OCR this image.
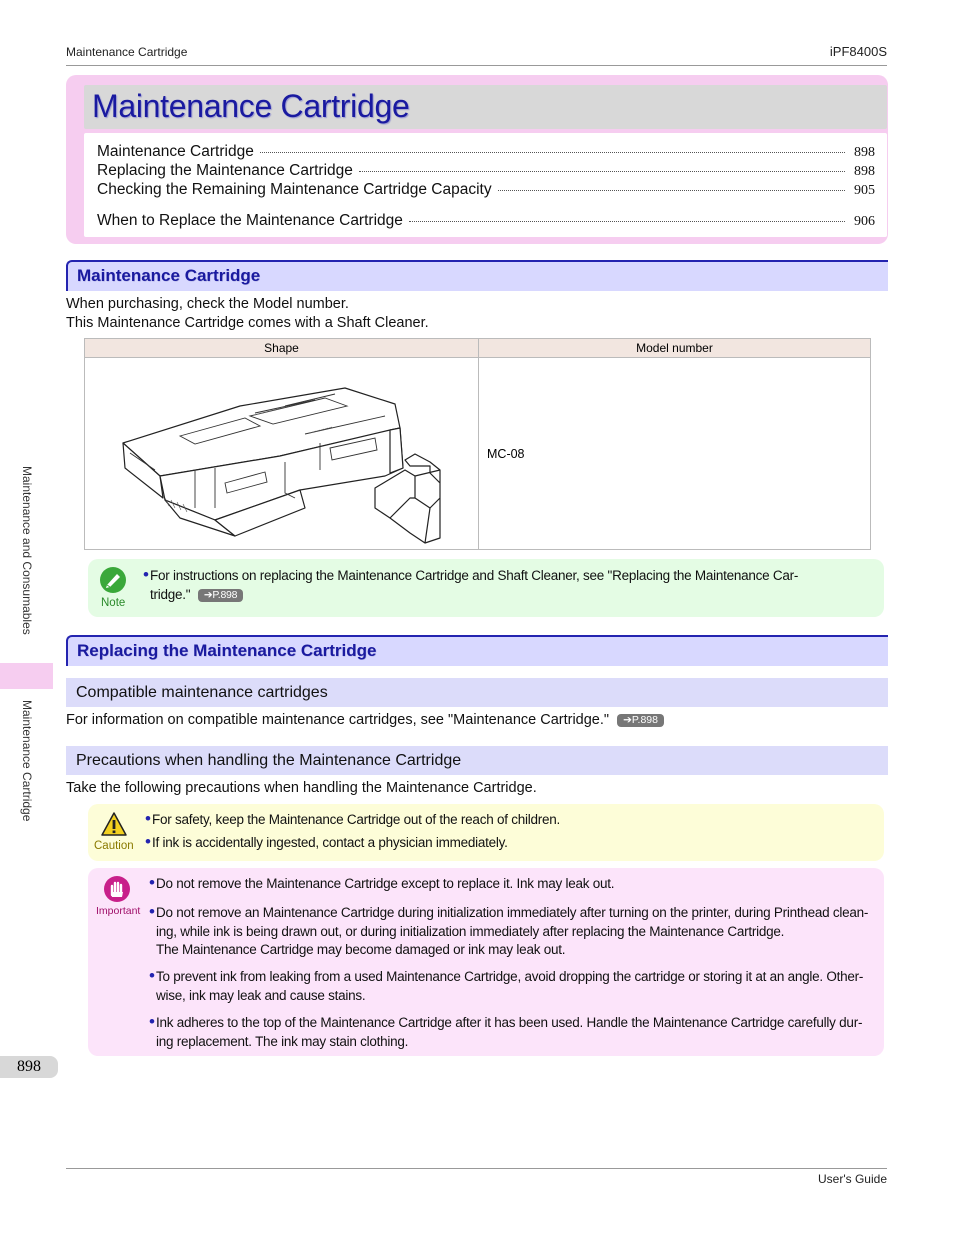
Maintenance Cartridge	iPF8400S
Maintenance Cartridge
Maintenance Cartridge	898
Replacing the Maintenance Cartridge	898
Checking the Remaining Maintenance Cartridge Capacity	905
When to Replace the Maintenance Cartridge	906
Maintenance Cartridge
When purchasing, check the Model number.
This Maintenance Cartridge comes with a Shaft Cleaner.
Shape	Model number
	MC-08
Note
• For instructions on replacing the Maintenance Cartridge and Shaft Cleaner, see "Replacing the Maintenance Car-
tridge." ➔P.898
Replacing the Maintenance Cartridge
Compatible maintenance cartridges
For information on compatible maintenance cartridges, see "Maintenance Cartridge." ➔P.898
Precautions when handling the Maintenance Cartridge
Take the following precautions when handling the Maintenance Cartridge.
Caution
• For safety, keep the Maintenance Cartridge out of the reach of children.
• If ink is accidentally ingested, contact a physician immediately.
Important
• Do not remove the Maintenance Cartridge except to replace it. Ink may leak out.
• Do not remove an Maintenance Cartridge during initialization immediately after turning on the printer, during Printhead clean-
ing, while ink is being drawn out, or during initialization immediately after replacing the Maintenance Cartridge.
The Maintenance Cartridge may become damaged or ink may leak out.
• To prevent ink from leaking from a used Maintenance Cartridge, avoid dropping the cartridge or storing it at an angle. Other-
wise, ink may leak and cause stains.
• Ink adheres to the top of the Maintenance Cartridge after it has been used. Handle the Maintenance Cartridge carefully dur-
ing replacement. The ink may stain clothing.
Maintenance and Consumables
Maintenance Cartridge
898
User's Guide
